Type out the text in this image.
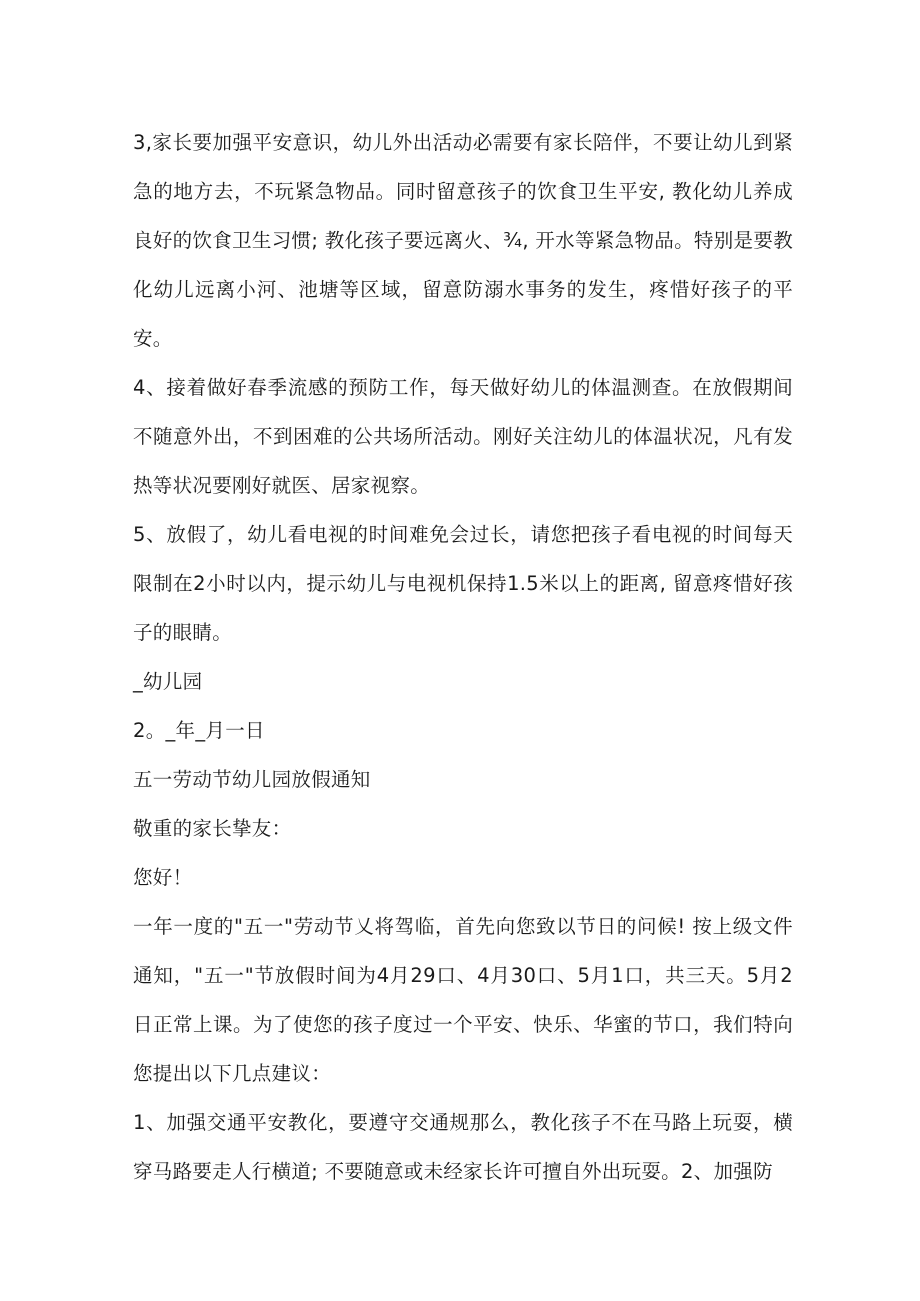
3,家长要加强平安意识，幼儿外出活动必需要有家长陪伴，不要让幼儿到紧急的地方去，不玩紧急物品。同时留意孩子的饮食卫生平安, 教化幼儿养成良好的饮食卫生习惯; 教化孩子要远离火、¾, 开水等紧急物品。特别是要教化幼儿远离小河、池塘等区域，留意防溺水事务的发生，疼惜好孩子的平安。

4、接着做好春季流感的预防工作，每天做好幼儿的体温测查。在放假期间不随意外出，不到困难的公共场所活动。刚好关注幼儿的体温状况，凡有发热等状况要刚好就医、居家视察。

5、放假了，幼儿看电视的时间难免会过长，请您把孩子看电视的时间每天限制在2小时以内，提示幼儿与电视机保持1.5米以上的距离, 留意疼惜好孩子的眼睛。

_幼儿园

2。_年_月一日

五一劳动节幼儿园放假通知

敬重的家长挚友：

您好！

一年一度的"五一"劳动节乂将驾临，首先向您致以节日的问候! 按上级文件通知，"五一"节放假时间为4月29口、4月30口、5月1口，共三天。5月2日正常上课。为了使您的孩子度过一个平安、快乐、华蜜的节口，我们特向您提出以下几点建议：

1、加强交通平安教化，要遵守交通规那么，教化孩子不在马路上玩耍，横穿马路要走人行横道; 不要随意或未经家长许可擅自外出玩耍。2、加强防
